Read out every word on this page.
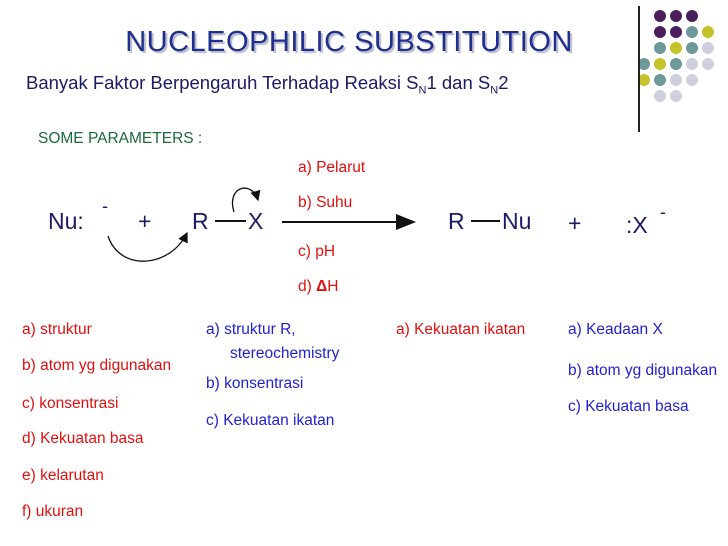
NUCLEOPHILIC SUBSTITUTION
Banyak Faktor Berpengaruh Terhadap Reaksi $S_N1$ dan $S_N2$
SOME PARAMETERS :
a) Pelarut
b) Suhu
c) pH
d) ΔH
Nu:
-
+ R X	R Nu + :X -
a) struktur
b) atom yg digunakan
c) konsentrasi
d) Kekuatan basa
e) kelarutan
f) ukuran
a) struktur R,
stereochemistry
b) konsentrasi
c) Kekuatan ikatan
a) Kekuatan ikatan	a) Keadaan X
b) atom yg digunakan
c) Kekuatan basa
